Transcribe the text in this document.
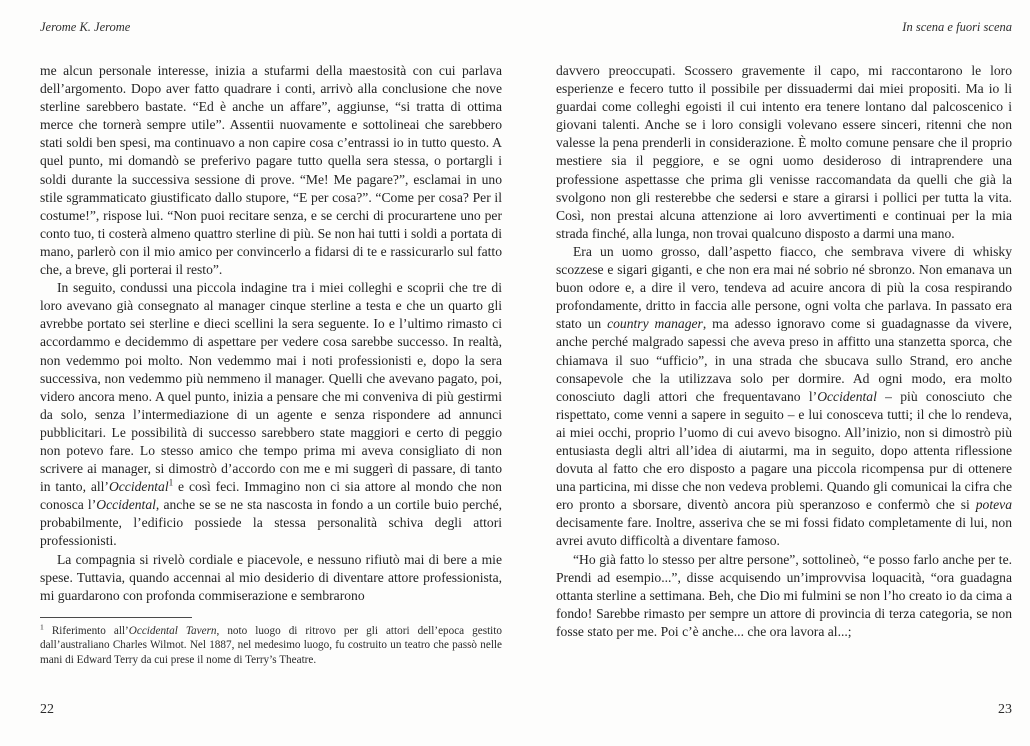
Jerome K. Jerome

me alcun personale interesse, inizia a stufarmi della maestosità con cui parlava dell’argomento. Dopo aver fatto quadrare i conti, arrivò alla conclusione che nove sterline sarebbero bastate. “Ed è anche un affare”, aggiunse, “si tratta di ottima merce che tornerà sempre utile”. Assentii nuovamente e sottolineai che sarebbero stati soldi ben spesi, ma continuavo a non capire cosa c’entrassi io in tutto questo. A quel punto, mi domandò se preferivo pagare tutto quella sera stessa, o portargli i soldi durante la successiva sessione di prove. “Me! Me pagare?”, esclamai in uno stile sgrammaticato giustificato dallo stupore, “E per cosa?”. “Come per cosa? Per il costume!”, rispose lui. “Non puoi recitare senza, e se cerchi di procurartene uno per conto tuo, ti costerà almeno quattro sterline di più. Se non hai tutti i soldi a portata di mano, parlerò con il mio amico per convincerlo a fidarsi di te e rassicurarlo sul fatto che, a breve, gli porterai il resto”.

In seguito, condussi una piccola indagine tra i miei colleghi e scoprii che tre di loro avevano già consegnato al manager cinque sterline a testa e che un quarto gli avrebbe portato sei sterline e dieci scellini la sera seguente. Io e l’ultimo rimasto ci accordammo e decidemmo di aspettare per vedere cosa sarebbe successo. In realtà, non vedemmo poi molto. Non vedemmo mai i noti professionisti e, dopo la sera successiva, non vedemmo più nemmeno il manager. Quelli che avevano pagato, poi, videro ancora meno. A quel punto, inizia a pensare che mi conveniva di più gestirmi da solo, senza l’intermediazione di un agente e senza rispondere ad annunci pubblicitari. Le possibilità di successo sarebbero state maggiori e certo di peggio non potevo fare. Lo stesso amico che tempo prima mi aveva consigliato di non scrivere ai manager, si dimostrò d’accordo con me e mi suggerì di passare, di tanto in tanto, all’Occidental$^1$ e così feci. Immagino non ci sia attore al mondo che non conosca l’Occidental, anche se se ne sta nascosta in fondo a un cortile buio perché, probabilmente, l’edificio possiede la stessa personalità schiva degli attori professionisti.

La compagnia si rivelò cordiale e piacevole, e nessuno rifiutò mai di bere a mie spese. Tuttavia, quando accennai al mio desiderio di diventare attore professionista, mi guardarono con profonda commiserazione e sembrarono

$^1$ Riferimento all’Occidental Tavern, noto luogo di ritrovo per gli attori dell’epoca gestito dall’australiano Charles Wilmot. Nel 1887, nel medesimo luogo, fu costruito un teatro che passò nelle mani di Edward Terry da cui prese il nome di Terry’s Theatre.

22
In scena e fuori scena

davvero preoccupati. Scossero gravemente il capo, mi raccontarono le loro esperienze e fecero tutto il possibile per dissuadermi dai miei propositi. Ma io li guardai come colleghi egoisti il cui intento era tenere lontano dal palcoscenico i giovani talenti. Anche se i loro consigli volevano essere sinceri, ritenni che non valesse la pena prenderli in considerazione. È molto comune pensare che il proprio mestiere sia il peggiore, e se ogni uomo desideroso di intraprendere una professione aspettasse che prima gli venisse raccomandata da quelli che già la svolgono non gli resterebbe che sedersi e stare a girarsi i pollici per tutta la vita. Così, non prestai alcuna attenzione ai loro avvertimenti e continuai per la mia strada finché, alla lunga, non trovai qualcuno disposto a darmi una mano.

Era un uomo grosso, dall’aspetto fiacco, che sembrava vivere di whisky scozzese e sigari giganti, e che non era mai né sobrio né sbronzo. Non emanava un buon odore e, a dire il vero, tendeva ad acuire ancora di più la cosa respirando profondamente, dritto in faccia alle persone, ogni volta che parlava. In passato era stato un country manager, ma adesso ignoravo come si guadagnasse da vivere, anche perché malgrado sapessi che aveva preso in affitto una stanzetta sporca, che chiamava il suo “ufficio”, in una strada che sbucava sullo Strand, ero anche consapevole che la utilizzava solo per dormire. Ad ogni modo, era molto conosciuto dagli attori che frequentavano l’Occidental – più conosciuto che rispettato, come venni a sapere in seguito – e lui conosceva tutti; il che lo rendeva, ai miei occhi, proprio l’uomo di cui avevo bisogno. All’inizio, non si dimostrò più entusiasta degli altri all’idea di aiutarmi, ma in seguito, dopo attenta riflessione dovuta al fatto che ero disposto a pagare una piccola ricompensa pur di ottenere una particina, mi disse che non vedeva problemi. Quando gli comunicai la cifra che ero pronto a sborsare, diventò ancora più speranzoso e confermò che si poteva decisamente fare. Inoltre, asseriva che se mi fossi fidato completamente di lui, non avrei avuto difficoltà a diventare famoso.

“Ho già fatto lo stesso per altre persone”, sottolineò, “e posso farlo anche per te. Prendi ad esempio...”, disse acquisendo un’improvvisa loquacità, “ora guadagna ottanta sterline a settimana. Beh, che Dio mi fulmini se non l’ho creato io da cima a fondo! Sarebbe rimasto per sempre un attore di provincia di terza categoria, se non fosse stato per me. Poi c’è anche... che ora lavora al...;

23
